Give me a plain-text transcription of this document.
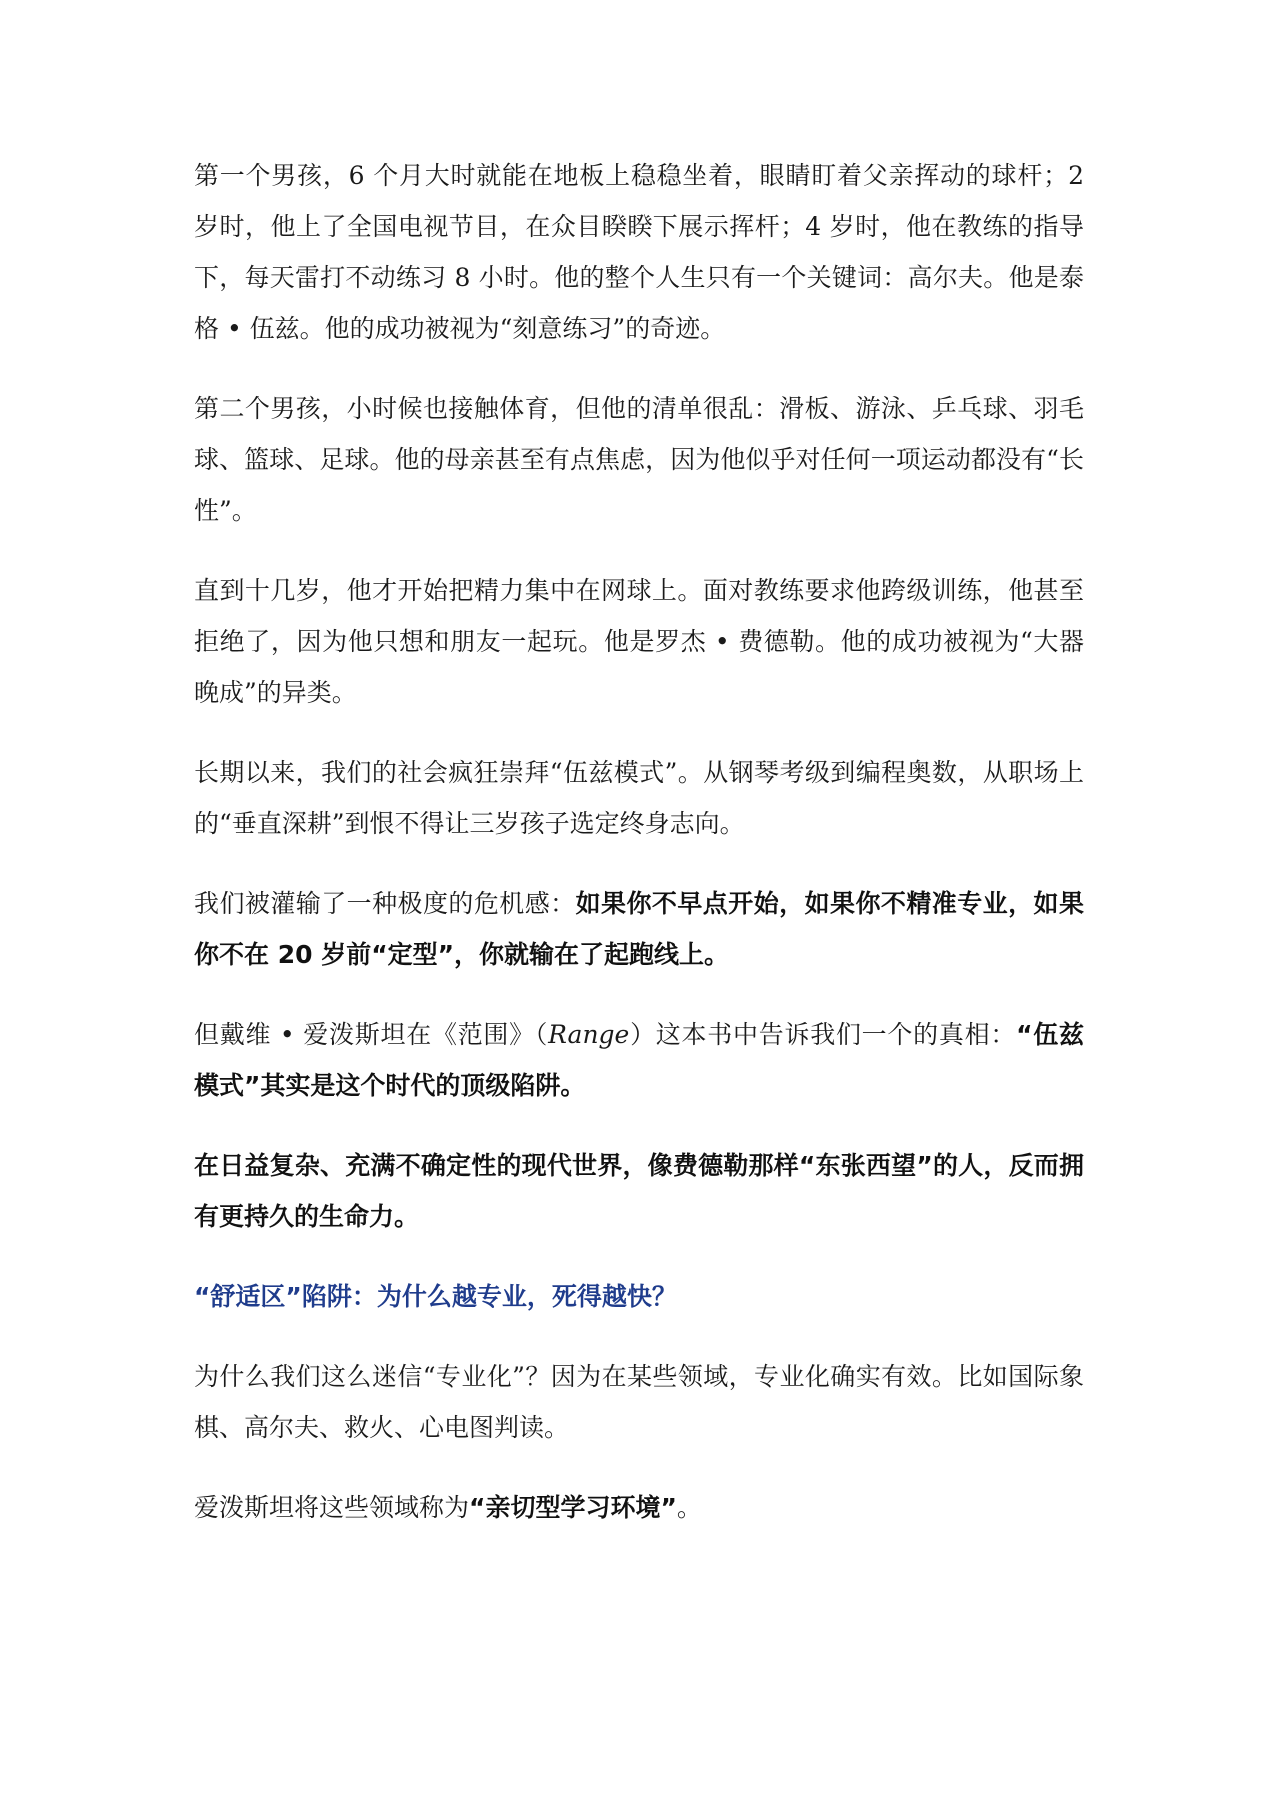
第一个男孩，6 个月大时就能在地板上稳稳坐着，眼睛盯着父亲挥动的球杆；2 岁时，他上了全国电视节目，在众目睽睽下展示挥杆；4 岁时，他在教练的指导下，每天雷打不动练习 8 小时。他的整个人生只有一个关键词：高尔夫。他是泰格 • 伍兹。他的成功被视为“刻意练习”的奇迹。

第二个男孩，小时候也接触体育，但他的清单很乱：滑板、游泳、乒乓球、羽毛球、篮球、足球。他的母亲甚至有点焦虑，因为他似乎对任何一项运动都没有“长性”。

直到十几岁，他才开始把精力集中在网球上。面对教练要求他跨级训练，他甚至拒绝了，因为他只想和朋友一起玩。他是罗杰 • 费德勒。他的成功被视为“大器晚成”的异类。

长期以来，我们的社会疯狂崇拜“伍兹模式”。从钢琴考级到编程奥数，从职场上的“垂直深耕”到恨不得让三岁孩子选定终身志向。

我们被灌输了一种极度的危机感：如果你不早点开始，如果你不精准专业，如果你不在 20 岁前“定型”，你就输在了起跑线上。

但戴维 • 爱泼斯坦在《范围》（Range）这本书中告诉我们一个的真相：“伍兹模式”其实是这个时代的顶级陷阱。

在日益复杂、充满不确定性的现代世界，像费德勒那样“东张西望”的人，反而拥有更持久的生命力。

“舒适区”陷阱：为什么越专业，死得越快？

为什么我们这么迷信“专业化”？因为在某些领域，专业化确实有效。比如国际象棋、高尔夫、救火、心电图判读。

爱泼斯坦将这些领域称为“亲切型学习环境”。
